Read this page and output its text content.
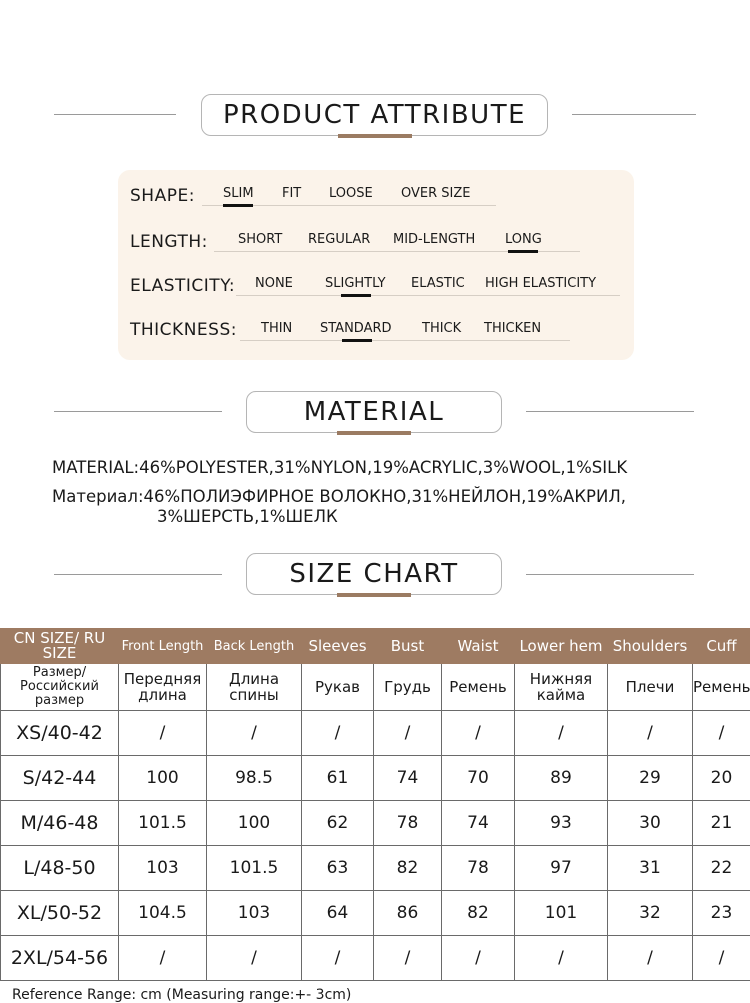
PRODUCT ATTRIBUTE
SHAPE: SLIM FIT LOOSE OVER SIZE
LENGTH: SHORT REGULAR MID-LENGTH LONG
ELASTICITY: NONE SLIGHTLY ELASTIC HIGH ELASTICITY
THICKNESS: THIN STANDARD THICK THICKEN
MATERIAL
MATERIAL:46%POLYESTER,31%NYLON,19%ACRYLIC,3%WOOL,1%SILK
Материал:46%ПОЛИЭФИРНОЕ ВОЛОКНО,31%НЕЙЛОН,19%АКРИЛ,
3%ШЕРСТЬ,1%ШЕЛК
SIZE CHART
CN SIZE/ RU SIZE	Front Length	Back Length	Sleeves	Bust	Waist	Lower hem	Shoulders	Cuff
Размер/ Российский размер	Передняя длина	Длина спины	Рукав	Грудь	Ремень	Нижняя кайма	Плечи	Ремень
XS/40-42	/	/	/	/	/	/	/	/
S/42-44	100	98.5	61	74	70	89	29	20
M/46-48	101.5	100	62	78	74	93	30	21
L/48-50	103	101.5	63	82	78	97	31	22
XL/50-52	104.5	103	64	86	82	101	32	23
2XL/54-56	/	/	/	/	/	/	/	/
Reference Range: cm (Measuring range:+- 3cm)
